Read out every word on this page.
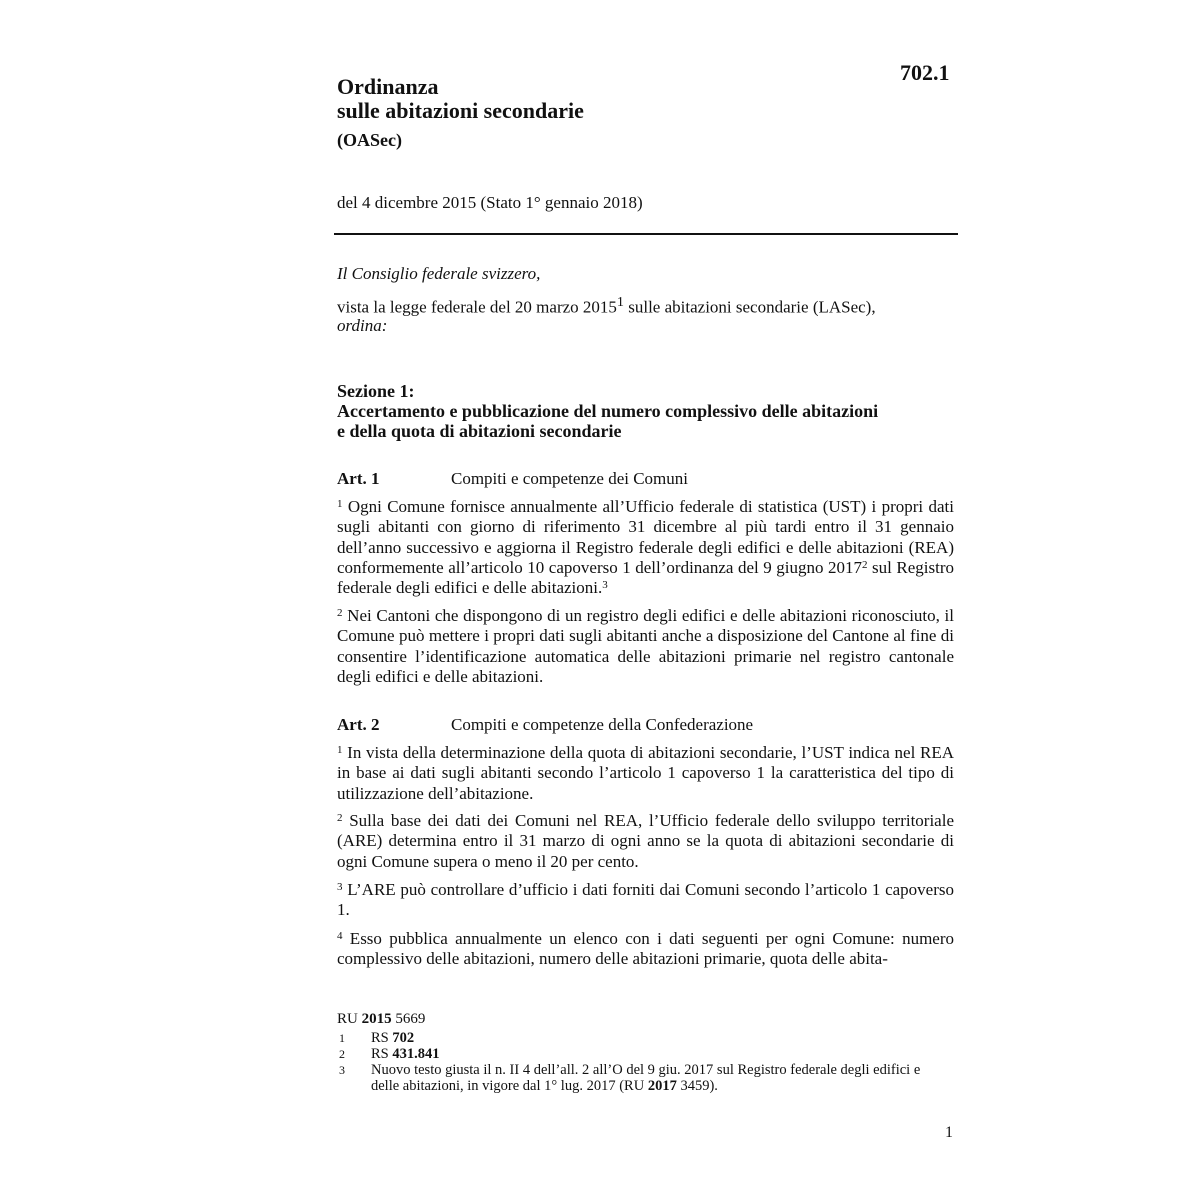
702.1
Ordinanza
sulle abitazioni secondarie
(OASec)
del 4 dicembre 2015 (Stato 1° gennaio 2018)
Il Consiglio federale svizzero,
vista la legge federale del 20 marzo 2015$^1$ sulle abitazioni secondarie (LASec),
ordina:
Sezione 1:
Accertamento e pubblicazione del numero complessivo delle abitazioni
e della quota di abitazioni secondarie
Art. 1	Compiti e competenze dei Comuni
$^1$ Ogni Comune fornisce annualmente all’Ufficio federale di statistica (UST) i propri dati sugli abitanti con giorno di riferimento 31 dicembre al più tardi entro il 31 gennaio dell’anno successivo e aggiorna il Registro federale degli edifici e delle abitazioni (REA) conformemente all’articolo 10 capoverso 1 dell’ordinanza del 9 giugno 2017$^2$ sul Registro federale degli edifici e delle abitazioni.$^3$
$^2$ Nei Cantoni che dispongono di un registro degli edifici e delle abitazioni riconosciuto, il Comune può mettere i propri dati sugli abitanti anche a disposizione del Cantone al fine di consentire l’identificazione automatica delle abitazioni primarie nel registro cantonale degli edifici e delle abitazioni.
Art. 2	Compiti e competenze della Confederazione
$^1$ In vista della determinazione della quota di abitazioni secondarie, l’UST indica nel REA in base ai dati sugli abitanti secondo l’articolo 1 capoverso 1 la caratteristica del tipo di utilizzazione dell’abitazione.
$^2$ Sulla base dei dati dei Comuni nel REA, l’Ufficio federale dello sviluppo territoriale (ARE) determina entro il 31 marzo di ogni anno se la quota di abitazioni secondarie di ogni Comune supera o meno il 20 per cento.
$^3$ L’ARE può controllare d’ufficio i dati forniti dai Comuni secondo l’articolo 1 capoverso 1.
$^4$ Esso pubblica annualmente un elenco con i dati seguenti per ogni Comune: numero complessivo delle abitazioni, numero delle abitazioni primarie, quota delle abita-
RU 2015 5669
1 RS 702
2 RS 431.841
3 Nuovo testo giusta il n. II 4 dell’all. 2 all’O del 9 giu. 2017 sul Registro federale degli edifici e delle abitazioni, in vigore dal 1° lug. 2017 (RU 2017 3459).
1
